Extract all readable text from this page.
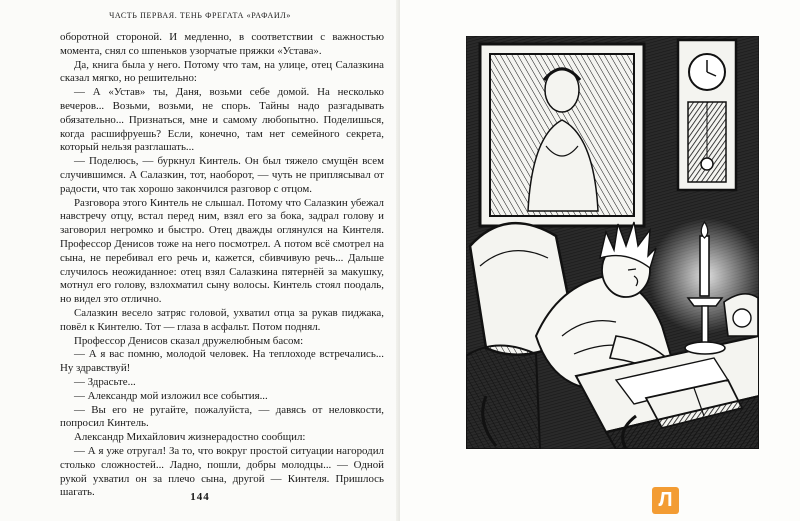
ЧАСТЬ ПЕРВАЯ. ТЕНЬ ФРЕГАТА «РАФАИЛ»

оборотной стороной. И медленно, в соответствии с важностью момента, снял со шпеньков узорчатые пряжки «Устава».

Да, книга была у него. Потому что там, на улице, отец Салазкина сказал мягко, но решительно:

— А «Устав» ты, Даня, возьми себе домой. На несколько вечеров... Возьми, возьми, не спорь. Тайны надо разгадывать обязательно... Признаться, мне и самому любопытно. Поделишься, когда расшифруешь? Если, конечно, там нет семейного секрета, который нельзя разглашать...

— Поделюсь, — буркнул Кинтель. Он был тяжело смущён всем случившимся. А Салазкин, тот, наоборот, — чуть не приплясывал от радости, что так хорошо закончился разговор с отцом.

Разговора этого Кинтель не слышал. Потому что Салазкин убежал навстречу отцу, встал перед ним, взял его за бока, задрал голову и заговорил негромко и быстро. Отец дважды оглянулся на Кинтеля. Профессор Денисов тоже на него посмотрел. А потом всё смотрел на сына, не перебивал его речь и, кажется, сбивчивую речь... Дальше случилось неожиданное: отец взял Салазкина пятернёй за макушку, мотнул его голову, взлохматил сыну волосы. Кинтель стоял поодаль, но видел это отлично.

Салазкин весело затряс головой, ухватил отца за рукав пиджака, повёл к Кинтелю. Тот — глаза в асфальт. Потом поднял.

Профессор Денисов сказал дружелюбным басом:

— А я вас помню, молодой человек. На теплоходе встречались... Ну здравствуй!

— Здрасьте...

— Александр мой изложил все события...

— Вы его не ругайте, пожалуйста, — давясь от неловкости, попросил Кинтель.

Александр Михайлович жизнерадостно сообщил:

— А я уже отругал! За то, что вокруг простой ситуации нагородил столько сложностей... Ладно, пошли, добры молодцы... — Одной рукой ухватил он за плечо сына, другой — Кинтеля. Пришлось шагать.	144	Л
